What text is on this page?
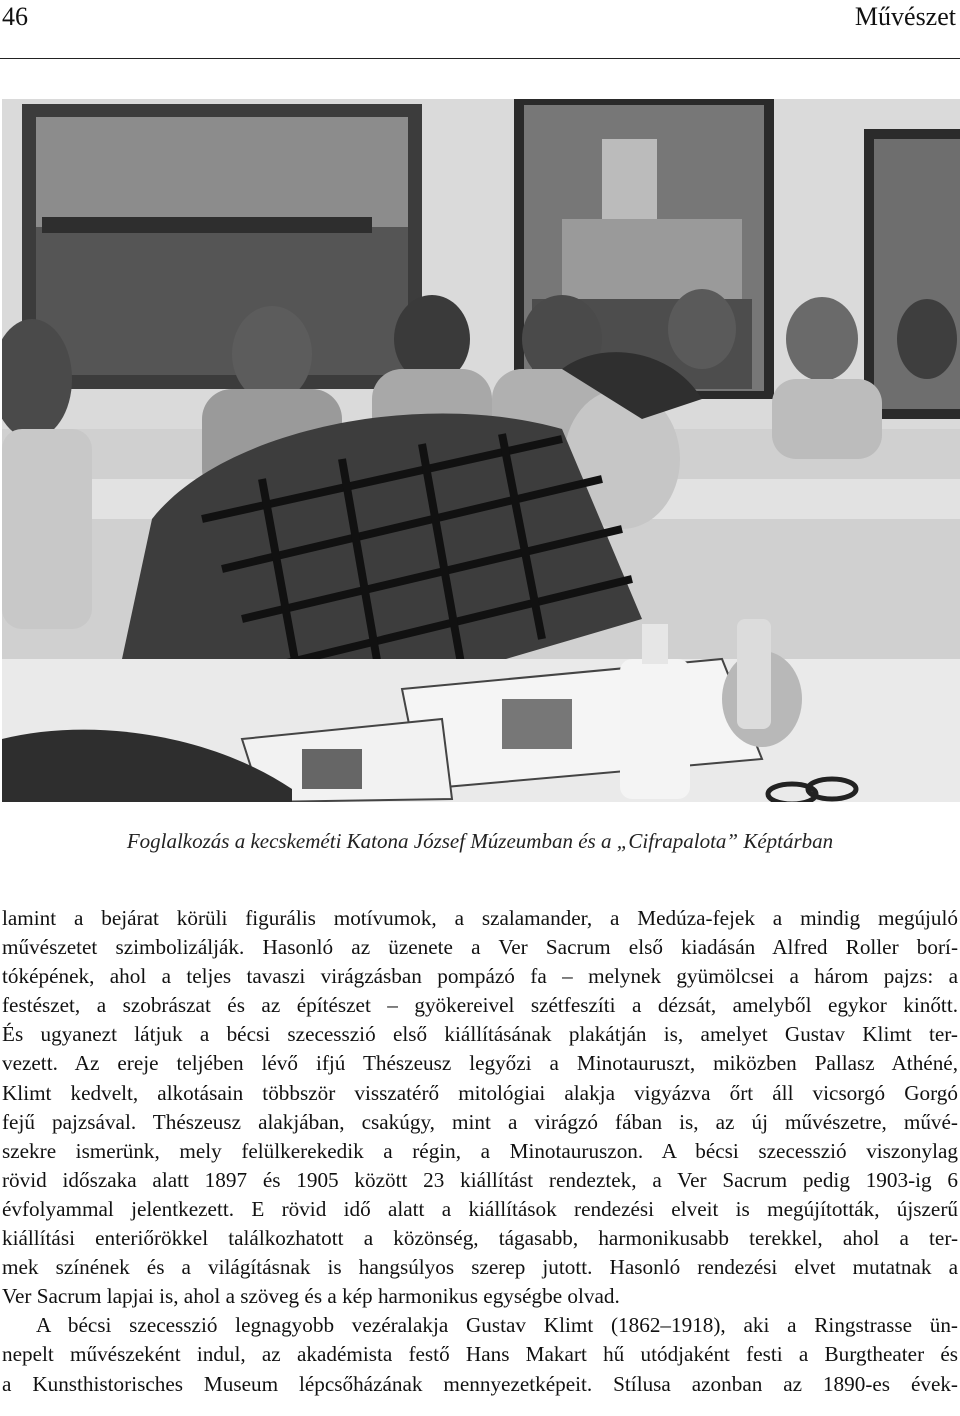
46	Művészet
Foglalkozás a kecskeméti Katona József Múzeumban és a „Cifrapalota” Képtárban
lamint a bejárat körüli figurális motívumok, a szalamander, a Medúza-fejek a mindig megújuló
művészetet szimbolizálják. Hasonló az üzenete a Ver Sacrum első kiadásán Alfred Roller borí-
tóképének, ahol a teljes tavaszi virágzásban pompázó fa – melynek gyümölcsei a három pajzs: a
festészet, a szobrászat és az építészet – gyökereivel szétfeszíti a dézsát, amelyből egykor kinőtt.
És ugyanezt látjuk a bécsi szecesszió első kiállításának plakátján is, amelyet Gustav Klimt ter-
vezett. Az ereje teljében lévő ifjú Thészeusz legyőzi a Minotauruszt, miközben Pallasz Athéné,
Klimt kedvelt, alkotásain többször visszatérő mitológiai alakja vigyázva őrt áll vicsorgó Gorgó
fejű pajzsával. Thészeusz alakjában, csakúgy, mint a virágzó fában is, az új művészetre, művé-
szekre ismerünk, mely felülkerekedik a régin, a Minotauruszon. A bécsi szecesszió viszonylag
rövid időszaka alatt 1897 és 1905 között 23 kiállítást rendeztek, a Ver Sacrum pedig 1903-ig 6
évfolyammal jelentkezett. E rövid idő alatt a kiállítások rendezési elveit is megújították, újszerű
kiállítási enteriőrökkel találkozhatott a közönség, tágasabb, harmonikusabb terekkel, ahol a ter-
mek színének és a világításnak is hangsúlyos szerep jutott. Hasonló rendezési elvet mutatnak a
Ver Sacrum lapjai is, ahol a szöveg és a kép harmonikus egységbe olvad.
A bécsi szecesszió legnagyobb vezéralakja Gustav Klimt (1862–1918), aki a Ringstrasse ün-
nepelt művészeként indul, az akadémista festő Hans Makart hű utódjaként festi a Burgtheater és
a Kunsthistorisches Museum lépcsőházának mennyezetképeit. Stílusa azonban az 1890-es évek-
